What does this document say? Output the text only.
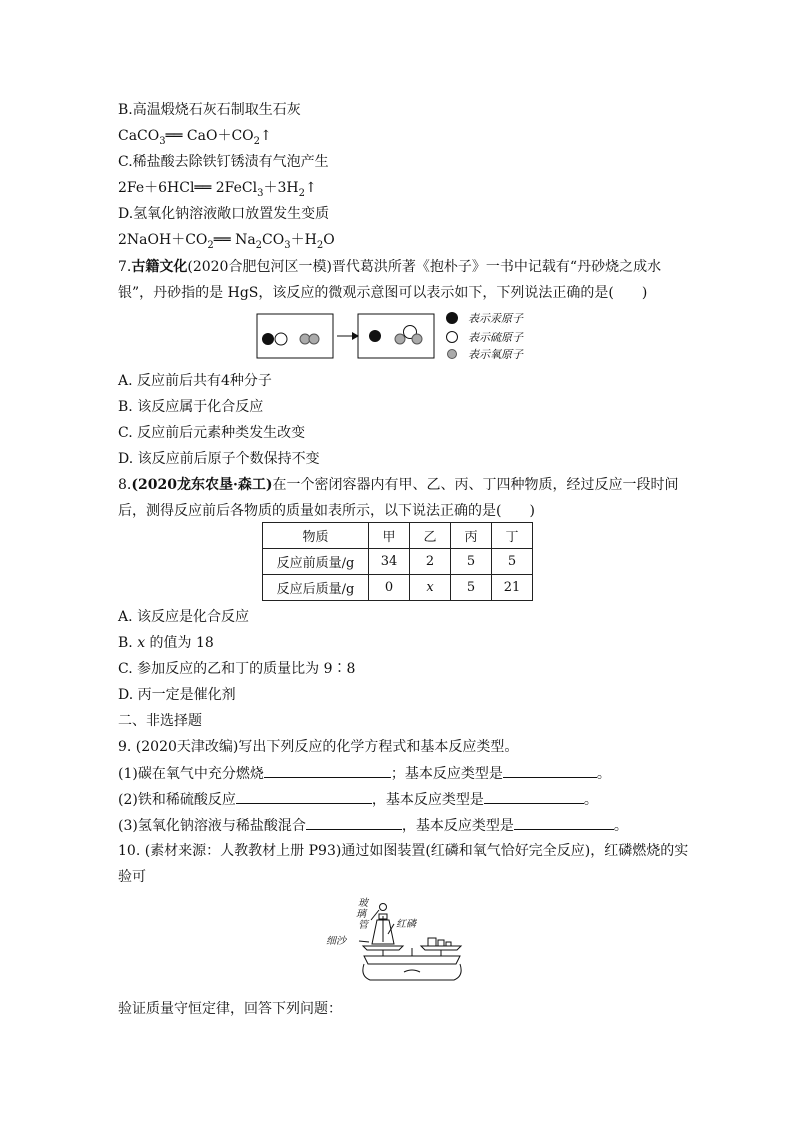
B.高温煅烧石灰石制取生石灰
CaCO$_3$══ $CaO+CO_2↑$
C.稀盐酸去除铁钉锈渍有气泡产生
2Fe＋6HCl══ $2FeCl_3+3H_2↑$
D.氢氧化钠溶液敞口放置发生变质
$2NaOH+CO_2══$ $Na_2CO_3+H_2O$
7.古籍文化(2020合肥包河区一模)晋代葛洪所著《抱朴子》一书中记载有“丹砂烧之成水
银”，丹砂指的是 HgS，该反应的微观示意图可以表示如下，下列说法正确的是(　　)
表示汞原子
表示硫原子
表示氧原子
A. 反应前后共有4种分子
B. 该反应属于化合反应
C. 反应前后元素种类发生改变
D. 该反应前后原子个数保持不变
8.(2020龙东农垦·森工)在一个密闭容器内有甲、乙、丙、丁四种物质，经过反应一段时间
后，测得反应前后各物质的质量如表所示，以下说法正确的是(　　)
物质	甲	乙	丙	丁
反应前质量/g	34	2	5	5
反应后质量/g	0	x	5	21
A. 该反应是化合反应
B. x 的值为 18
C. 参加反应的乙和丁的质量比为 9∶8
D. 丙一定是催化剂
二、非选择题
9. (2020天津改编)写出下列反应的化学方程式和基本反应类型。
(1)碳在氧气中充分燃烧	；基本反应类型是	。
(2)铁和稀硫酸反应	，基本反应类型是	。
(3)氢氧化钠溶液与稀盐酸混合	，基本反应类型是	。
10. (素材来源：人教教材上册 P93)通过如图装置(红磷和氧气恰好完全反应)，红磷燃烧的实
验可
玻
璃
管	红磷
细沙
验证质量守恒定律，回答下列问题：
